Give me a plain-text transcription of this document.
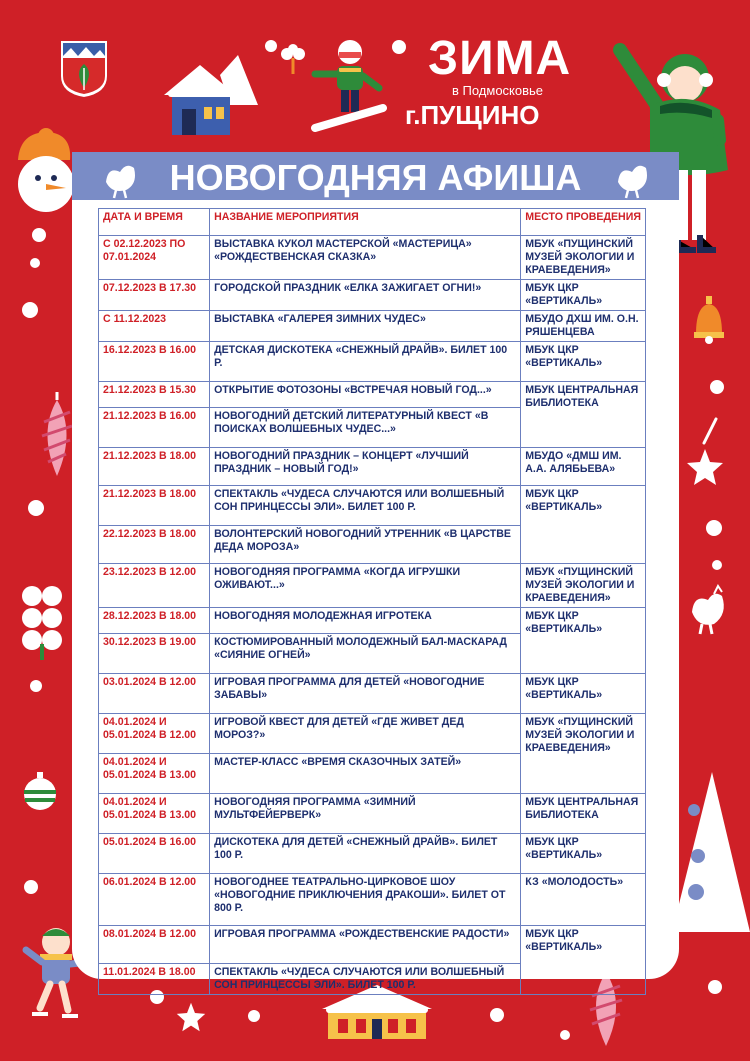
ЗИМА
в Подмосковье
г.ПУЩИНО
НОВОГОДНЯЯ АФИША
ДАТА И ВРЕМЯ	НАЗВАНИЕ МЕРОПРИЯТИЯ	МЕСТО ПРОВЕДЕНИЯ
С 02.12.2023 ПО 07.01.2024	ВЫСТАВКА КУКОЛ МАСТЕРСКОЙ «МАСТЕРИЦА» «РОЖДЕСТВЕНСКАЯ СКАЗКА»	МБУК «ПУЩИНСКИЙ МУЗЕЙ ЭКОЛОГИИ И КРАЕВЕДЕНИЯ»
07.12.2023 В 17.30	ГОРОДСКОЙ ПРАЗДНИК «ЕЛКА ЗАЖИГАЕТ ОГНИ!»	МБУК ЦКР «ВЕРТИКАЛЬ»
С 11.12.2023	ВЫСТАВКА «ГАЛЕРЕЯ ЗИМНИХ ЧУДЕС»	МБУДО ДХШ ИМ. О.Н. РЯШЕНЦЕВА
16.12.2023 В 16.00	ДЕТСКАЯ ДИСКОТЕКА «СНЕЖНЫЙ ДРАЙВ». БИЛЕТ 100 Р.	МБУК ЦКР «ВЕРТИКАЛЬ»
21.12.2023 В 15.30	ОТКРЫТИЕ ФОТОЗОНЫ «ВСТРЕЧАЯ НОВЫЙ ГОД...»	МБУК ЦЕНТРАЛЬНАЯ БИБЛИОТЕКА
21.12.2023 В 16.00	НОВОГОДНИЙ ДЕТСКИЙ ЛИТЕРАТУРНЫЙ КВЕСТ «В ПОИСКАХ ВОЛШЕБНЫХ ЧУДЕС...»	
21.12.2023 В 18.00	НОВОГОДНИЙ ПРАЗДНИК – КОНЦЕРТ «ЛУЧШИЙ ПРАЗДНИК – НОВЫЙ ГОД!»	МБУДО «ДМШ ИМ. А.А. АЛЯБЬЕВА»
21.12.2023 В 18.00	СПЕКТАКЛЬ «ЧУДЕСА СЛУЧАЮТСЯ ИЛИ ВОЛШЕБНЫЙ СОН ПРИНЦЕССЫ ЭЛИ». БИЛЕТ 100 Р.	МБУК ЦКР «ВЕРТИКАЛЬ»
22.12.2023 В 18.00	ВОЛОНТЕРСКИЙ НОВОГОДНИЙ УТРЕННИК «В ЦАРСТВЕ ДЕДА МОРОЗА»	
23.12.2023 В 12.00	НОВОГОДНЯЯ ПРОГРАММА «КОГДА ИГРУШКИ ОЖИВАЮТ...»	МБУК «ПУЩИНСКИЙ МУЗЕЙ ЭКОЛОГИИ И КРАЕВЕДЕНИЯ»
28.12.2023 В 18.00	НОВОГОДНЯЯ МОЛОДЕЖНАЯ ИГРОТЕКА	МБУК ЦКР «ВЕРТИКАЛЬ»
30.12.2023 В 19.00	КОСТЮМИРОВАННЫЙ МОЛОДЕЖНЫЙ БАЛ-МАСКАРАД «СИЯНИЕ ОГНЕЙ»	
03.01.2024 В 12.00	ИГРОВАЯ ПРОГРАММА ДЛЯ ДЕТЕЙ «НОВОГОДНИЕ ЗАБАВЫ»	МБУК ЦКР «ВЕРТИКАЛЬ»
04.01.2024 И 05.01.2024 В 12.00	ИГРОВОЙ КВЕСТ ДЛЯ ДЕТЕЙ «ГДЕ ЖИВЕТ ДЕД МОРОЗ?»	МБУК «ПУЩИНСКИЙ МУЗЕЙ ЭКОЛОГИИ И КРАЕВЕДЕНИЯ»
04.01.2024 И 05.01.2024 В 13.00	МАСТЕР-КЛАСС «ВРЕМЯ СКАЗОЧНЫХ ЗАТЕЙ»	
04.01.2024 И 05.01.2024 В 13.00	НОВОГОДНЯЯ ПРОГРАММА «ЗИМНИЙ МУЛЬТФЕЙЕРВЕРК»	МБУК ЦЕНТРАЛЬНАЯ БИБЛИОТЕКА
05.01.2024 В 16.00	ДИСКОТЕКА ДЛЯ ДЕТЕЙ «СНЕЖНЫЙ ДРАЙВ». БИЛЕТ 100 Р.	МБУК ЦКР «ВЕРТИКАЛЬ»
06.01.2024 В 12.00	НОВОГОДНЕЕ ТЕАТРАЛЬНО-ЦИРКОВОЕ ШОУ «НОВОГОДНИЕ ПРИКЛЮЧЕНИЯ ДРАКОШИ». БИЛЕТ ОТ 800 Р.	КЗ «МОЛОДОСТЬ»
08.01.2024 В 12.00	ИГРОВАЯ ПРОГРАММА «РОЖДЕСТВЕНСКИЕ РАДОСТИ»	МБУК ЦКР «ВЕРТИКАЛЬ»
11.01.2024 В 18.00	СПЕКТАКЛЬ «ЧУДЕСА СЛУЧАЮТСЯ ИЛИ ВОЛШЕБНЫЙ СОН ПРИНЦЕССЫ ЭЛИ». БИЛЕТ 100 Р.	
